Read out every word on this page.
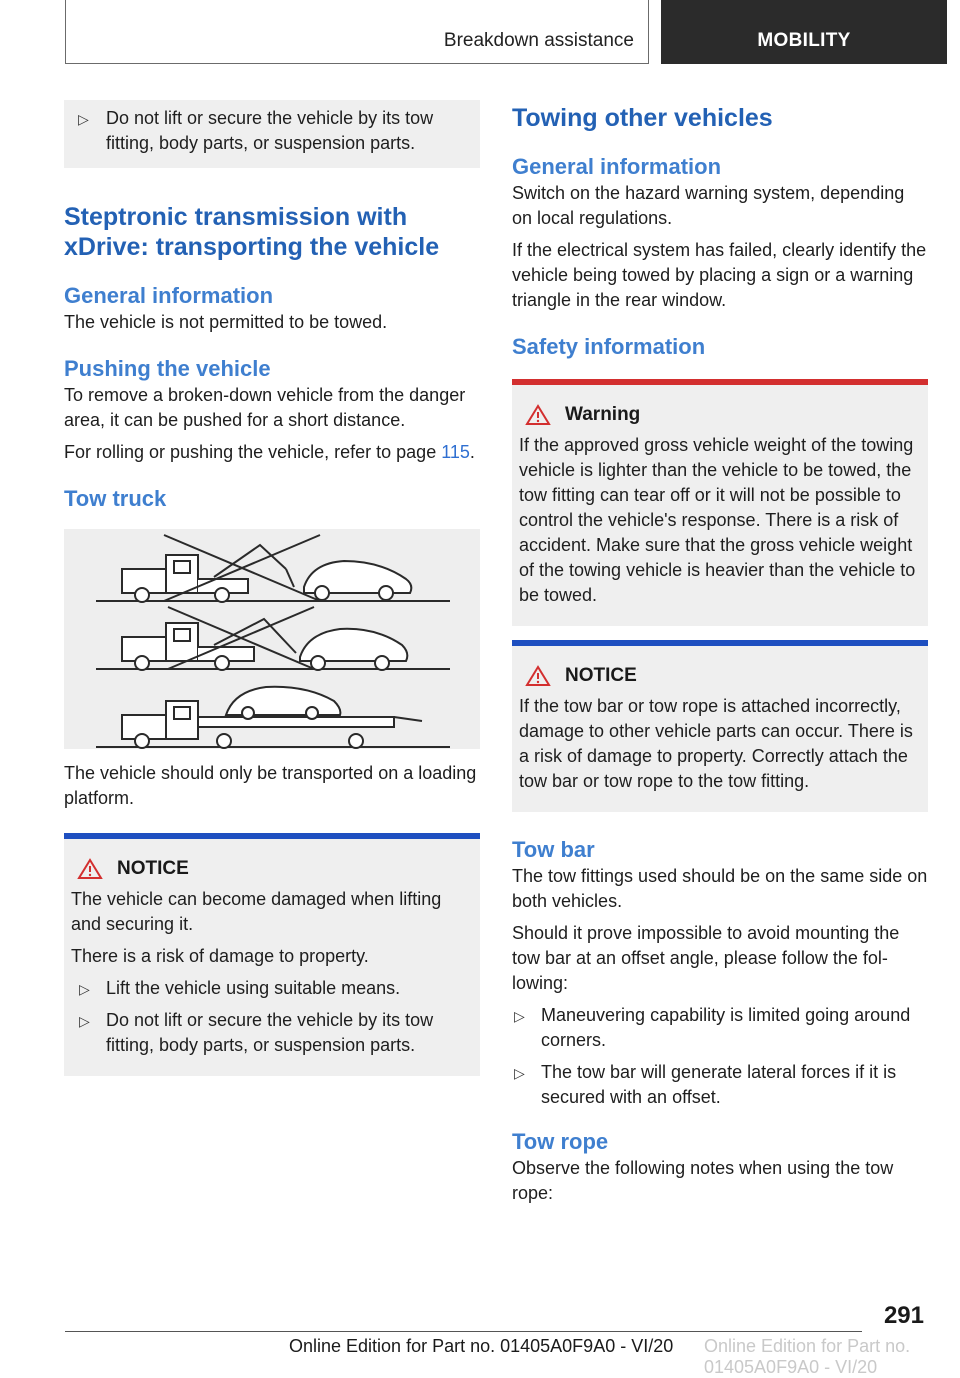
Breakdown assistance	MOBILITY
▷ Do not lift or secure the vehicle by its tow fitting, body parts, or suspension parts.
Steptronic transmission with xDrive: transporting the vehicle
General information

The vehicle is not permitted to be towed.

Pushing the vehicle

To remove a broken-down vehicle from the danger area, it can be pushed for a short distance.

For rolling or pushing the vehicle, refer to page 115.

Tow truck

The vehicle should only be transported on a loading platform.

NOTICE

The vehicle can become damaged when lifting and securing it.

There is a risk of damage to property.

▷ Lift the vehicle using suitable means.
▷ Do not lift or secure the vehicle by its tow fitting, body parts, or suspension parts.
Towing other vehicles
General information

Switch on the hazard warning system, depending on local regulations.

If the electrical system has failed, clearly identify the vehicle being towed by placing a sign or a warning triangle in the rear window.

Safety information
Warning

If the approved gross vehicle weight of the towing vehicle is lighter than the vehicle to be towed, the tow fitting can tear off or it will not be possible to control the vehicle's response. There is a risk of accident. Make sure that the gross vehicle weight of the towing vehicle is heavier than the vehicle to be towed.

NOTICE

If the tow bar or tow rope is attached incorrectly, damage to other vehicle parts can occur. There is a risk of damage to property. Correctly attach the tow bar or tow rope to the tow fitting.

Tow bar

The tow fittings used should be on the same side on both vehicles.

Should it prove impossible to avoid mounting the tow bar at an offset angle, please follow the following:

▷ Maneuvering capability is limited going around corners.
▷ The tow bar will generate lateral forces if it is secured with an offset.
Tow rope

Observe the following notes when using the tow rope:

291
Online Edition for Part no. 01405A0F9A0 - VI/20 Online Edition for Part no. 01405A0F9A0 - VI/20
